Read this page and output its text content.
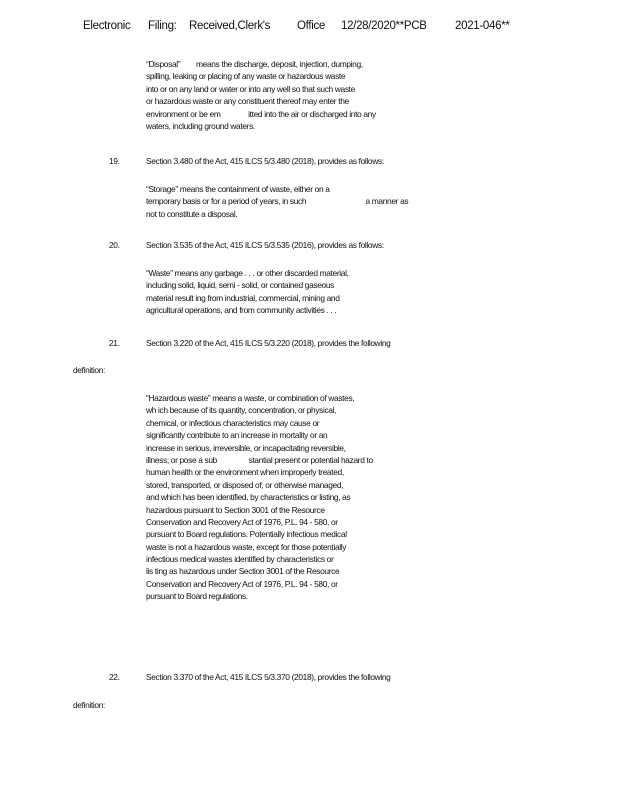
Electronic Filing: Received,Clerk's Office 12/28/2020**PCB 2021-046**
“Disposal”        means the discharge, deposit, injection, dumping,
spilling, leaking or placing of any waste or hazardous waste
into or on any land or water or into any well so that such waste
or hazardous waste or any constituent thereof may enter the
environment or be em              itted into the air or discharged into any
waters, including ground waters.
19.	Section 3.480 of the Act, 415 ILCS 5/3.480 (2018), provides as follows:
“Storage” means the containment of waste, either on a
temporary basis or for a period of years, in such                              a manner as
not to constitute a disposal.
20.	Section 3.535 of the Act, 415 ILCS 5/3.535 (2016), provides as follows:
“Waste” means any garbage . . . or other discarded material,
including solid, liquid, semi - solid, or contained gaseous
material result ing from industrial, commercial, mining and
agricultural operations, and from community activities . . .
21.	Section 3.220 of the Act, 415 ILCS 5/3.220 (2018), provides the following
definition:
“Hazardous waste” means a waste, or combination of wastes,
wh ich because of its quantity, concentration, or physical,
chemical, or infectious characteristics may cause or
significantly contribute to an increase in mortality or an
increase in serious, irreversible, or incapacitating reversible,
illness; or pose a sub                stantial present or potential hazard to
human health or the environment when improperly treated,
stored, transported, or disposed of, or otherwise managed,
and which has been identified, by characteristics or listing, as
hazardous pursuant to Section 3001 of the Resource
Conservation and Recovery Act of 1976, P.L. 94 - 580, or
pursuant to Board regulations. Potentially infectious medical
waste is not a hazardous waste, except for those potentially
infectious medical wastes identified by characteristics or
lis ting as hazardous under Section 3001 of the Resource
Conservation and Recovery Act of 1976, P.L. 94 - 580, or
pursuant to Board regulations.
22.	Section 3.370 of the Act, 415 ILCS 5/3.370 (2018), provides the following
definition:
